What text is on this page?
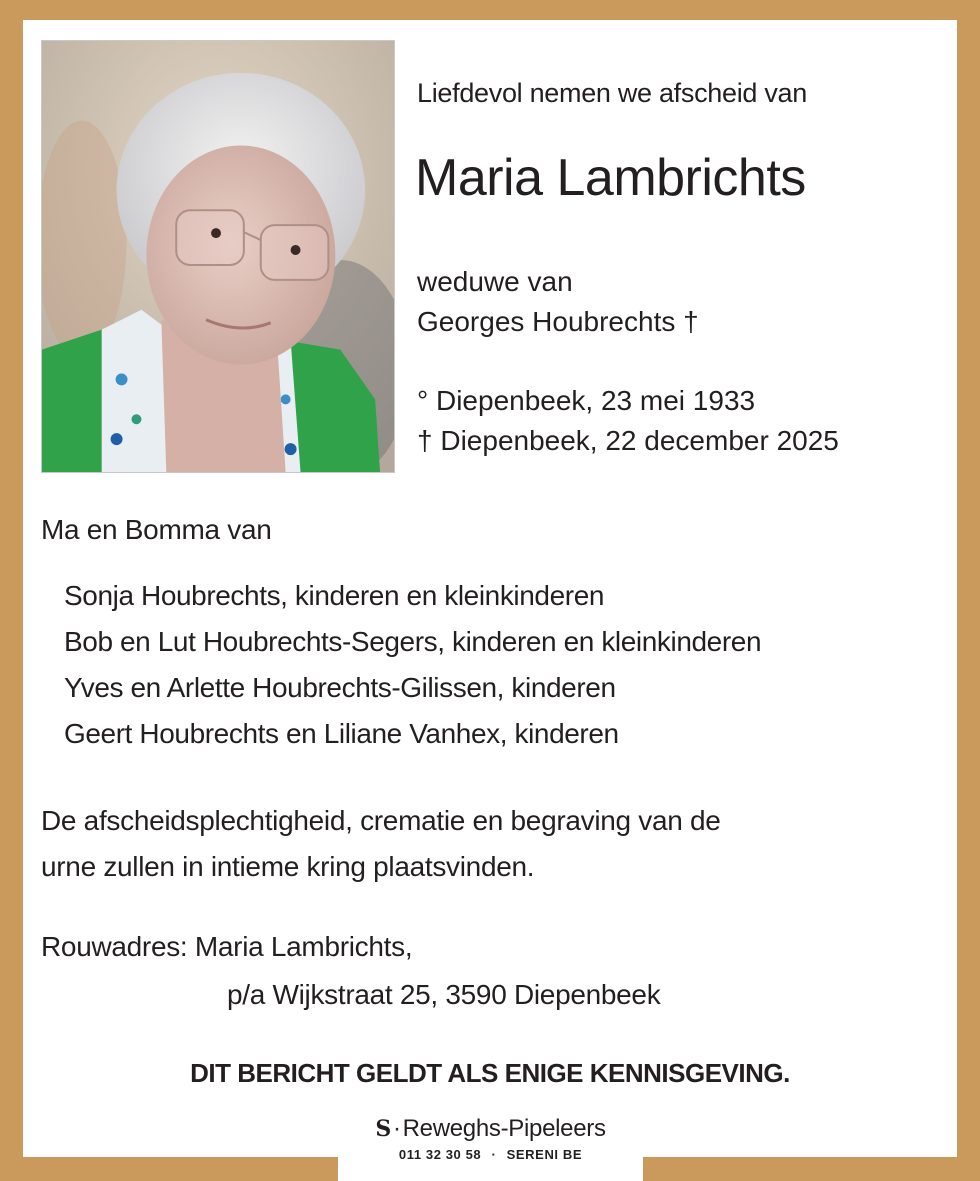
Liefdevol nemen we afscheid van
Maria Lambrichts
weduwe van
Georges Houbrechts †
° Diepenbeek, 23 mei 1933
† Diepenbeek, 22 december 2025
Ma en Bomma van
Sonja Houbrechts, kinderen en kleinkinderen
Bob en Lut Houbrechts-Segers, kinderen en kleinkinderen
Yves en Arlette Houbrechts-Gilissen, kinderen
Geert Houbrechts en Liliane Vanhex, kinderen
De afscheidsplechtigheid, crematie en begraving van de
urne zullen in intieme kring plaatsvinden.
Rouwadres: Maria Lambrichts,
p/a Wijkstraat 25, 3590 Diepenbeek
DIT BERICHT GELDT ALS ENIGE KENNISGEVING.
S·Reweghs-Pipeleers
011 32 30 58 · SERENI BE
